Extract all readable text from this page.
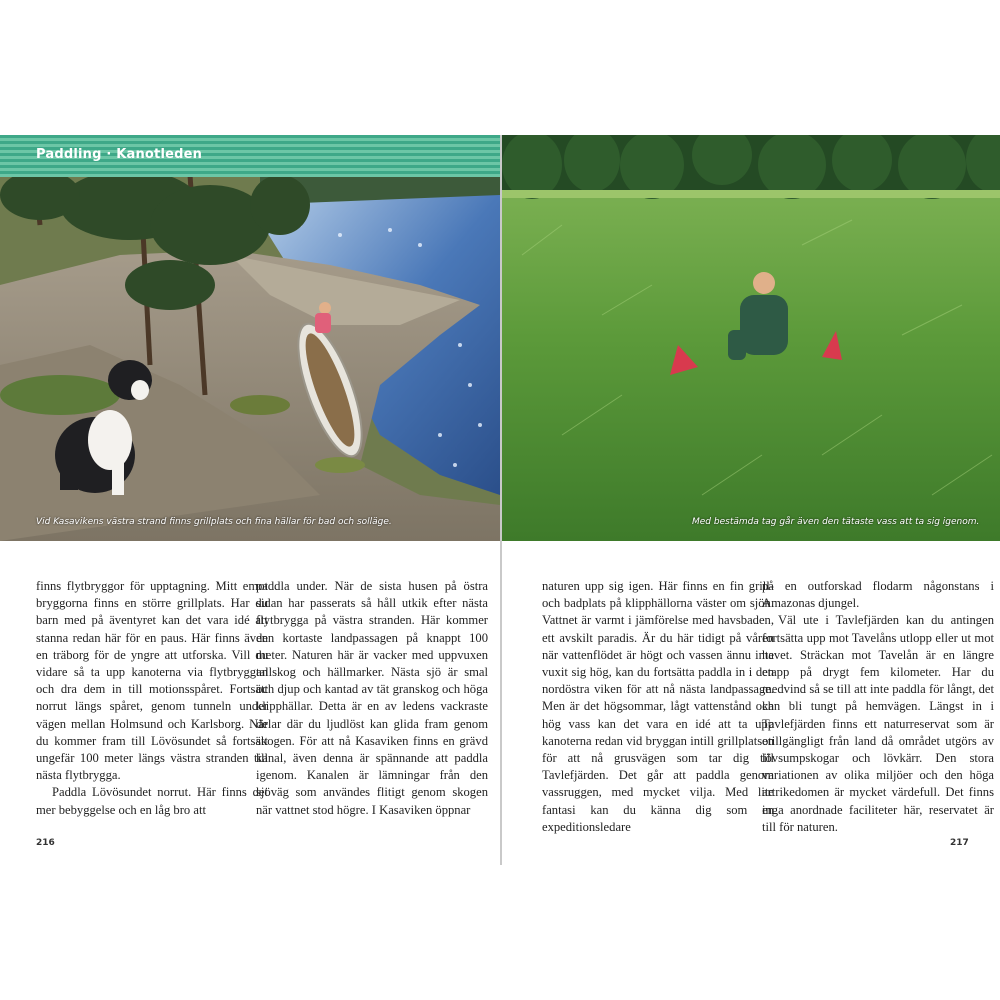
Paddling · Kanotleden
Vid Kasavikens västra strand finns grillplats och fina hällar för bad och solläge.	Med bestämda tag går även den tätaste vass att ta sig igenom.

finns flytbryggor för upptagning. Mitt emot bryggorna finns en större grillplats. Har du barn med på äventyret kan det vara idé att stanna redan här för en paus. Här finns även en träborg för de yngre att utforska. Vill du vidare så ta upp kanoterna via flytbryggan och dra dem in till motionsspåret. Fortsätt norrut längs spåret, genom tunneln under vägen mellan Holmsund och Karlsborg. När du kommer fram till Lövösundet så fortsätt ungefär 100 meter längs västra stranden till nästa flytbrygga.

Paddla Lövösundet norrut. Här finns det mer bebyggelse och en låg bro att

paddla under. När de sista husen på östra sidan har passerats så håll utkik efter nästa flytbrygga på västra stranden. Här kommer den kortaste landpassagen på knappt 100 meter. Naturen här är vacker med uppvuxen tallskog och hällmarker. Nästa sjö är smal och djup och kantad av tät granskog och höga klipphällar. Detta är en av ledens vackraste delar där du ljudlöst kan glida fram genom skogen. För att nå Kasaviken finns en grävd kanal, även denna är spännande att paddla igenom. Kanalen är lämningar från den sjöväg som användes flitigt genom skogen när vattnet stod högre. I Kasaviken öppnar

naturen upp sig igen. Här finns en fin grill- och badplats på klipphällorna väster om sjön. Vattnet är varmt i jämförelse med havsbaden, ett avskilt paradis. Är du här tidigt på våren när vattenflödet är högt och vassen ännu inte vuxit sig hög, kan du fortsätta paddla in i den nordöstra viken för att nå nästa landpassage. Men är det högsommar, lågt vattenstånd och hög vass kan det vara en idé att ta upp kanoterna redan vid bryggan intill grillplatsen för att nå grusvägen som tar dig till Tavlefjärden. Det går att paddla genom vassruggen, med mycket vilja. Med lite fantasi kan du känna dig som en expeditionsledare

på en outforskad flodarm någonstans i Amazonas djungel.

Väl ute i Tavlefjärden kan du antingen fortsätta upp mot Tavelåns utlopp eller ut mot havet. Sträckan mot Tavelån är en längre etapp på drygt fem kilometer. Har du medvind så se till att inte paddla för långt, det kan bli tungt på hemvägen. Längst in i Tavlefjärden finns ett naturreservat som är otillgängligt från land då området utgörs av lövsumpskogar och lövkärr. Den stora variationen av olika miljöer och den höga artrikedomen är mycket värdefull. Det finns inga anordnade faciliteter här, reservatet är till för naturen.

216	217
